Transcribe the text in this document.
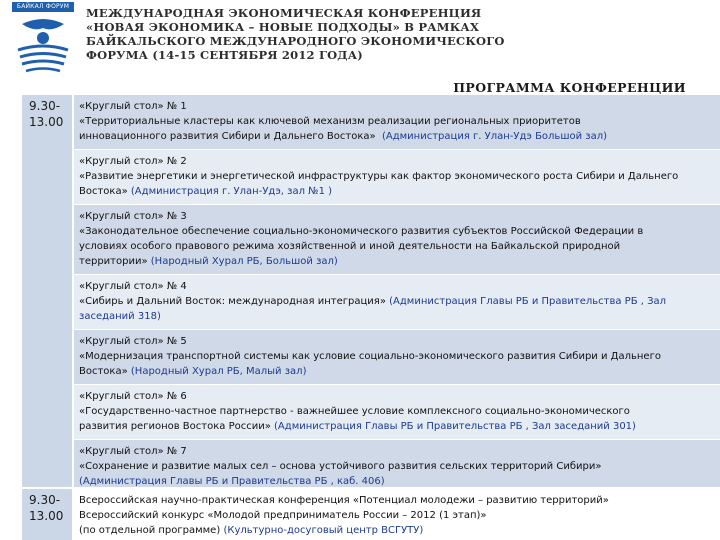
БАЙКАЛ ФОРУМ	МЕЖДУНАРОДНАЯ ЭКОНОМИЧЕСКАЯ КОНФЕРЕНЦИЯ
«НОВАЯ ЭКОНОМИКА – НОВЫЕ ПОДХОДЫ» В РАМКАХ
БАЙКАЛЬСКОГО МЕЖДУНАРОДНОГО ЭКОНОМИЧЕСКОГО
ФОРУМА (14-15 СЕНТЯБРЯ 2012 ГОДА)
ПРОГРАММА КОНФЕРЕНЦИИ
9.30-
13.00
9.30-
13.00
«Круглый стол» № 1
«Территориальные кластеры как ключевой механизм реализации региональных приоритетов
инновационного развития Сибири и Дальнего Востока» (Администрация г. Улан-Удэ Большой зал)
«Круглый стол» № 2
«Развитие энергетики и энергетической инфраструктуры как фактор экономического роста Сибири и Дальнего
Востока» (Администрация г. Улан-Удэ, зал №1 )
«Круглый стол» № 3
«Законодательное обеспечение социально-экономического развития субъектов Российской Федерации в
условиях особого правового режима хозяйственной и иной деятельности на Байкальской природной
территории» (Народный Хурал РБ, Большой зал)
«Круглый стол» № 4
«Сибирь и Дальний Восток: международная интеграция» (Администрация Главы РБ и Правительства РБ , Зал
заседаний 318)
«Круглый стол» № 5
«Модернизация транспортной системы как условие социально-экономического развития Сибири и Дальнего
Востока» (Народный Хурал РБ, Малый зал)
«Круглый стол» № 6
«Государственно-частное партнерство - важнейшее условие комплексного социально-экономического
развития регионов Востока России» (Администрация Главы РБ и Правительства РБ , Зал заседаний 301)
«Круглый стол» № 7
«Сохранение и развитие малых сел – основа устойчивого развития сельских территорий Сибири»
(Администрация Главы РБ и Правительства РБ , каб. 406)
Всероссийская научно-практическая конференция «Потенциал молодежи – развитию территорий»
Всероссийский конкурс «Молодой предприниматель России – 2012 (1 этап)»
(по отдельной программе) (Культурно-досуговый центр ВСГУТУ)
